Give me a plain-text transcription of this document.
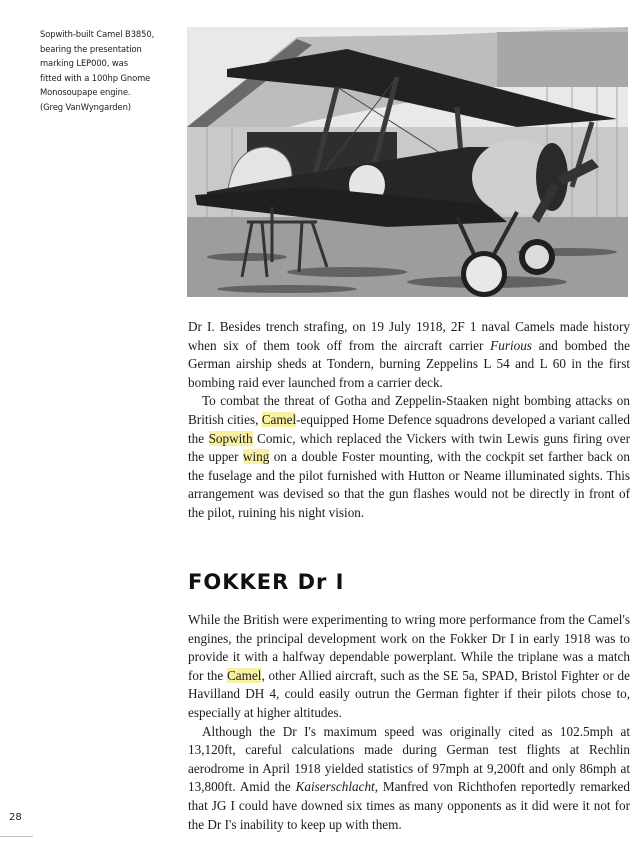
Sopwith-built Camel B3850,
bearing the presentation
marking LEP000, was
fitted with a 100hp Gnome
Monosoupape engine.
(Greg VanWyngarden)

Dr I. Besides trench strafing, on 19 July 1918, 2F 1 naval Camels made history when six of them took off from the aircraft carrier Furious and bombed the German airship sheds at Tondern, burning Zeppelins L 54 and L 60 in the first bombing raid ever launched from a carrier deck.

To combat the threat of Gotha and Zeppelin-Staaken night bombing attacks on British cities, Camel-equipped Home Defence squadrons developed a variant called the Sopwith Comic, which replaced the Vickers with twin Lewis guns firing over the upper wing on a double Foster mounting, with the cockpit set farther back on the fuselage and the pilot furnished with Hutton or Neame illuminated sights. This arrangement was devised so that the gun flashes would not be directly in front of the pilot, ruining his night vision.

FOKKER Dr I

While the British were experimenting to wring more performance from the Camel's engines, the principal development work on the Fokker Dr I in early 1918 was to provide it with a halfway dependable powerplant. While the triplane was a match for the Camel, other Allied aircraft, such as the SE 5a, SPAD, Bristol Fighter or de Havilland DH 4, could easily outrun the German fighter if their pilots chose to, especially at higher altitudes.

Although the Dr I's maximum speed was originally cited as 102.5mph at 13,120ft, careful calculations made during German test flights at Rechlin aerodrome in April 1918 yielded statistics of 97mph at 9,200ft and only 86mph at 13,800ft. Amid the Kaiserschlacht, Manfred von Richthofen reportedly remarked that JG I could have downed six times as many opponents as it did were it not for the Dr I's inability to keep up with them.

28
